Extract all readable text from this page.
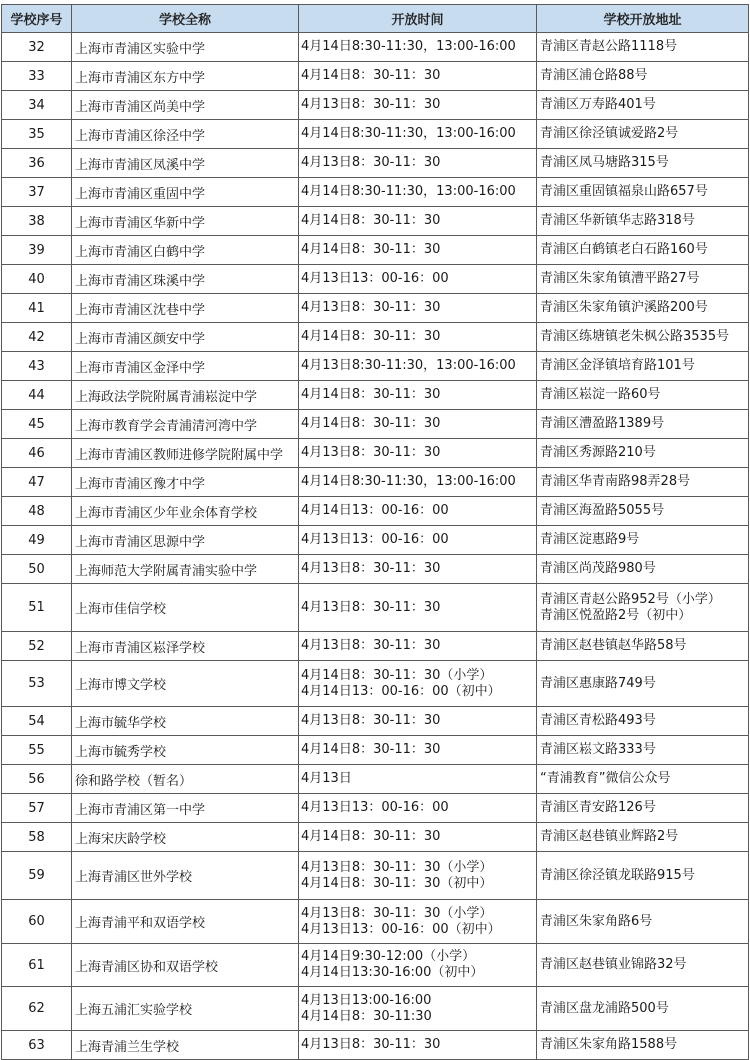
学校序号	学校全称	开放时间	学校开放地址
32	上海市青浦区实验中学	4月14日8:30-11:30，13:00-16:00	青浦区青赵公路1118号

33	上海市青浦区东方中学	4月14日8：30-11：30	青浦区浦仓路88号

34	上海市青浦区尚美中学	4月13日8：30-11：30	青浦区万寿路401号

35	上海市青浦区徐泾中学	4月14日8:30-11:30，13:00-16:00	青浦区徐泾镇诚爱路2号

36	上海市青浦区凤溪中学	4月13日8：30-11：30	青浦区凤马塘路315号

37	上海市青浦区重固中学	4月14日8:30-11:30，13:00-16:00	青浦区重固镇福泉山路657号

38	上海市青浦区华新中学	4月14日8：30-11：30	青浦区华新镇华志路318号

39	上海市青浦区白鹤中学	4月14日8：30-11：30	青浦区白鹤镇老白石路160号

40	上海市青浦区珠溪中学	4月13日13：00-16：00	青浦区朱家角镇漕平路27号

41	上海市青浦区沈巷中学	4月13日8：30-11：30	青浦区朱家角镇沪溪路200号

42	上海市青浦区颜安中学	4月14日8：30-11：30	青浦区练塘镇老朱枫公路3535号

43	上海市青浦区金泽中学	4月13日8:30-11:30，13:00-16:00	青浦区金泽镇培育路101号

44	上海政法学院附属青浦崧淀中学	4月14日8：30-11：30	青浦区崧淀一路60号

45	上海市教育学会青浦清河湾中学	4月14日8：30-11：30	青浦区漕盈路1389号

46	上海市青浦区教师进修学院附属中学	4月13日8：30-11：30	青浦区秀源路210号

47	上海市青浦区豫才中学	4月14日8:30-11:30，13:00-16:00	青浦区华青南路98弄28号

48	上海市青浦区少年业余体育学校	4月14日13：00-16：00	青浦区海盈路5055号

49	上海市青浦区思源中学	4月13日13：00-16：00	青浦区淀惠路9号

50	上海师范大学附属青浦实验中学	4月13日8：30-11：30	青浦区尚茂路980号

51	上海市佳信学校	4月13日8：30-11：30	青浦区青赵公路952号（小学）
青浦区悦盈路2号（初中）

52	上海市青浦区崧泽学校	4月13日8：30-11：30	青浦区赵巷镇赵华路58号

53	上海市博文学校	4月14日8：30-11：30（小学）
4月14日13：00-16：00（初中）	青浦区惠康路749号

54	上海市毓华学校	4月13日8：30-11：30	青浦区青松路493号

55	上海市毓秀学校	4月14日8：30-11：30	青浦区崧文路333号

56	徐和路学校（暂名）	4月13日	“青浦教育”微信公众号

57	上海市青浦区第一中学	4月13日13：00-16：00	青浦区青安路126号

58	上海宋庆龄学校	4月14日8：30-11：30	青浦区赵巷镇业辉路2号

59	上海青浦区世外学校	4月13日8：30-11：30（小学）
4月14日8：30-11：30（初中）	青浦区徐泾镇龙联路915号

60	上海青浦平和双语学校	4月13日8：30-11：30（小学）
4月13日13：00-16：00（初中）	青浦区朱家角路6号

61	上海青浦区协和双语学校	4月14日9:30-12:00（小学）
4月14日13:30-16:00（初中）	青浦区赵巷镇业锦路32号

62	上海五浦汇实验学校	4月13日13:00-16:00
4月14日8：30-11:30	青浦区盘龙浦路500号

63	上海青浦兰生学校	4月13日8：30-11：30	青浦区朱家角路1588号
